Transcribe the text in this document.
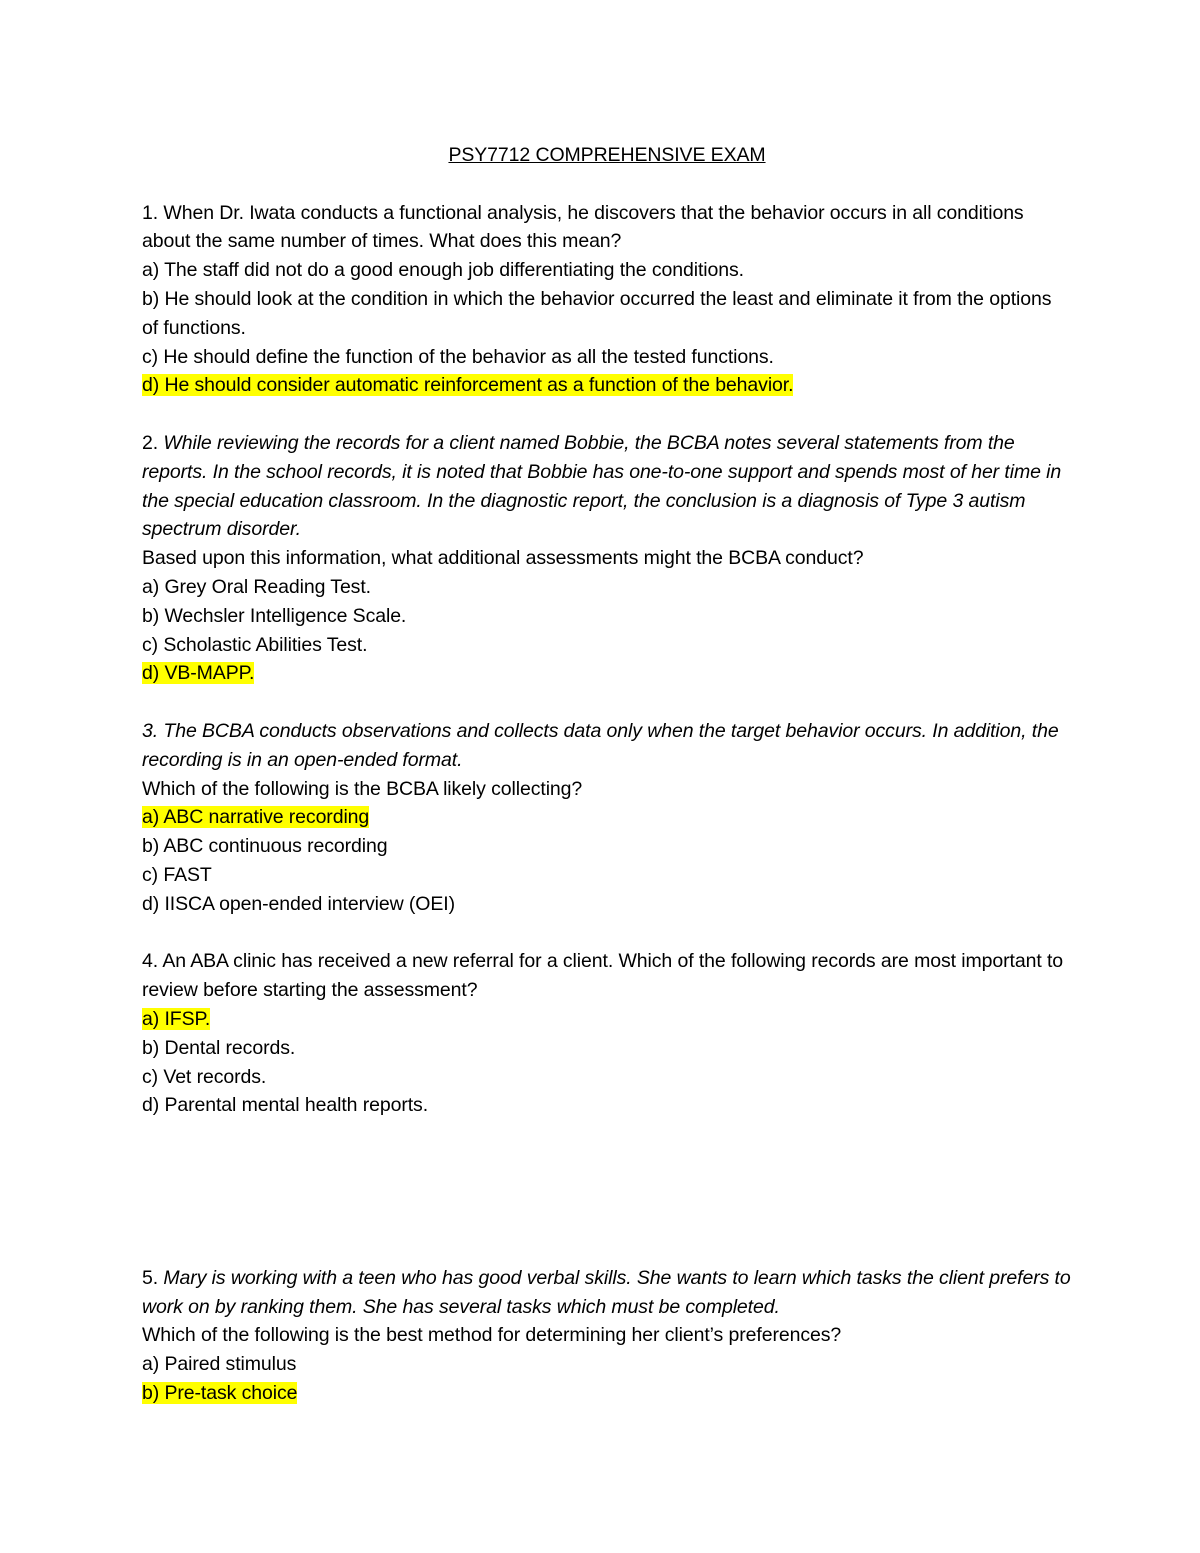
PSY7712 COMPREHENSIVE EXAM

1. When Dr. Iwata conducts a functional analysis, he discovers that the behavior occurs in all conditions about the same number of times. What does this mean?

a) The staff did not do a good enough job differentiating the conditions.

b) He should look at the condition in which the behavior occurred the least and eliminate it from the options of functions.

c) He should define the function of the behavior as all the tested functions.

d) He should consider automatic reinforcement as a function of the behavior.

2. While reviewing the records for a client named Bobbie, the BCBA notes several statements from the reports. In the school records, it is noted that Bobbie has one-to-one support and spends most of her time in the special education classroom. In the diagnostic report, the conclusion is a diagnosis of Type 3 autism spectrum disorder.

Based upon this information, what additional assessments might the BCBA conduct?

a) Grey Oral Reading Test.

b) Wechsler Intelligence Scale.

c) Scholastic Abilities Test.

d) VB-MAPP.

3. The BCBA conducts observations and collects data only when the target behavior occurs. In addition, the recording is in an open-ended format.

Which of the following is the BCBA likely collecting?

a) ABC narrative recording

b) ABC continuous recording

c) FAST

d) IISCA open-ended interview (OEI)

4. An ABA clinic has received a new referral for a client. Which of the following records are most important to review before starting the assessment?

a) IFSP.

b) Dental records.

c) Vet records.

d) Parental mental health reports.

5. Mary is working with a teen who has good verbal skills. She wants to learn which tasks the client prefers to work on by ranking them. She has several tasks which must be completed.

Which of the following is the best method for determining her client’s preferences?

a) Paired stimulus

b) Pre-task choice
